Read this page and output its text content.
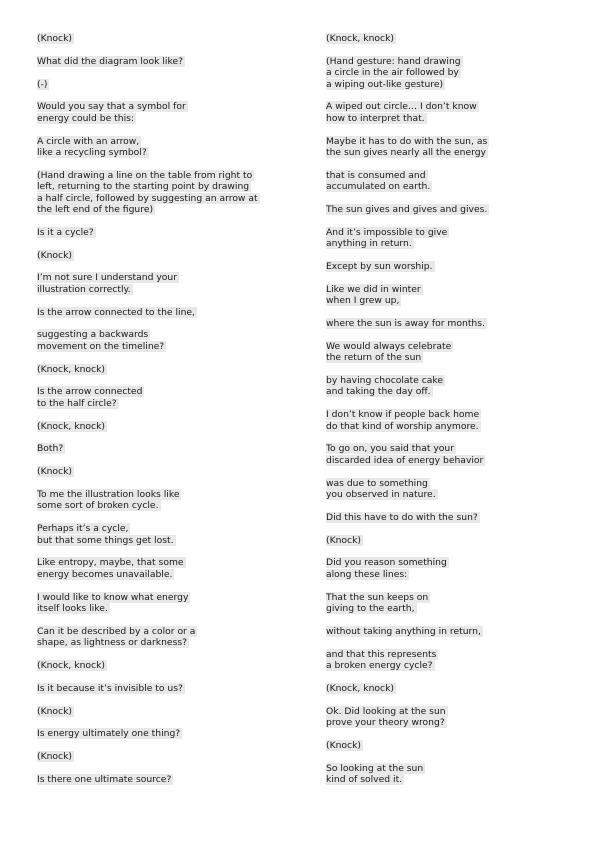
(Knock)

What did the diagram look like?

(-)

Would you say that a symbol for
energy could be this:

A circle with an arrow,
like a recycling symbol?

(Hand drawing a line on the table from right to
left, returning to the starting point by drawing
a half circle, followed by suggesting an arrow at
the left end of the figure)

Is it a cycle?

(Knock)

I’m not sure I understand your
illustration correctly.

Is the arrow connected to the line,

suggesting a backwards
movement on the timeline?

(Knock, knock)

Is the arrow connected
to the half circle?

(Knock, knock)

Both?

(Knock)

To me the illustration looks like
some sort of broken cycle.

Perhaps it’s a cycle,
but that some things get lost.

Like entropy, maybe, that some
energy becomes unavailable.

I would like to know what energy
itself looks like.

Can it be described by a color or a
shape, as lightness or darkness?

(Knock, knock)

Is it because it’s invisible to us?

(Knock)

Is energy ultimately one thing?

(Knock)

Is there one ultimate source?

(Knock, knock)

(Hand gesture: hand drawing
a circle in the air followed by
a wiping out-like gesture)

A wiped out circle… I don’t know
how to interpret that.

Maybe it has to do with the sun, as
the sun gives nearly all the energy

that is consumed and
accumulated on earth.

The sun gives and gives and gives.

And it’s impossible to give
anything in return.

Except by sun worship.

Like we did in winter
when I grew up,

where the sun is away for months.

We would always celebrate
the return of the sun

by having chocolate cake
and taking the day off.

I don’t know if people back home
do that kind of worship anymore.

To go on, you said that your
discarded idea of energy behavior

was due to something
you observed in nature.

Did this have to do with the sun?

(Knock)

Did you reason something
along these lines:

That the sun keeps on
giving to the earth,

without taking anything in return,

and that this represents
a broken energy cycle?

(Knock, knock)

Ok. Did looking at the sun
prove your theory wrong?

(Knock)

So looking at the sun
kind of solved it.
